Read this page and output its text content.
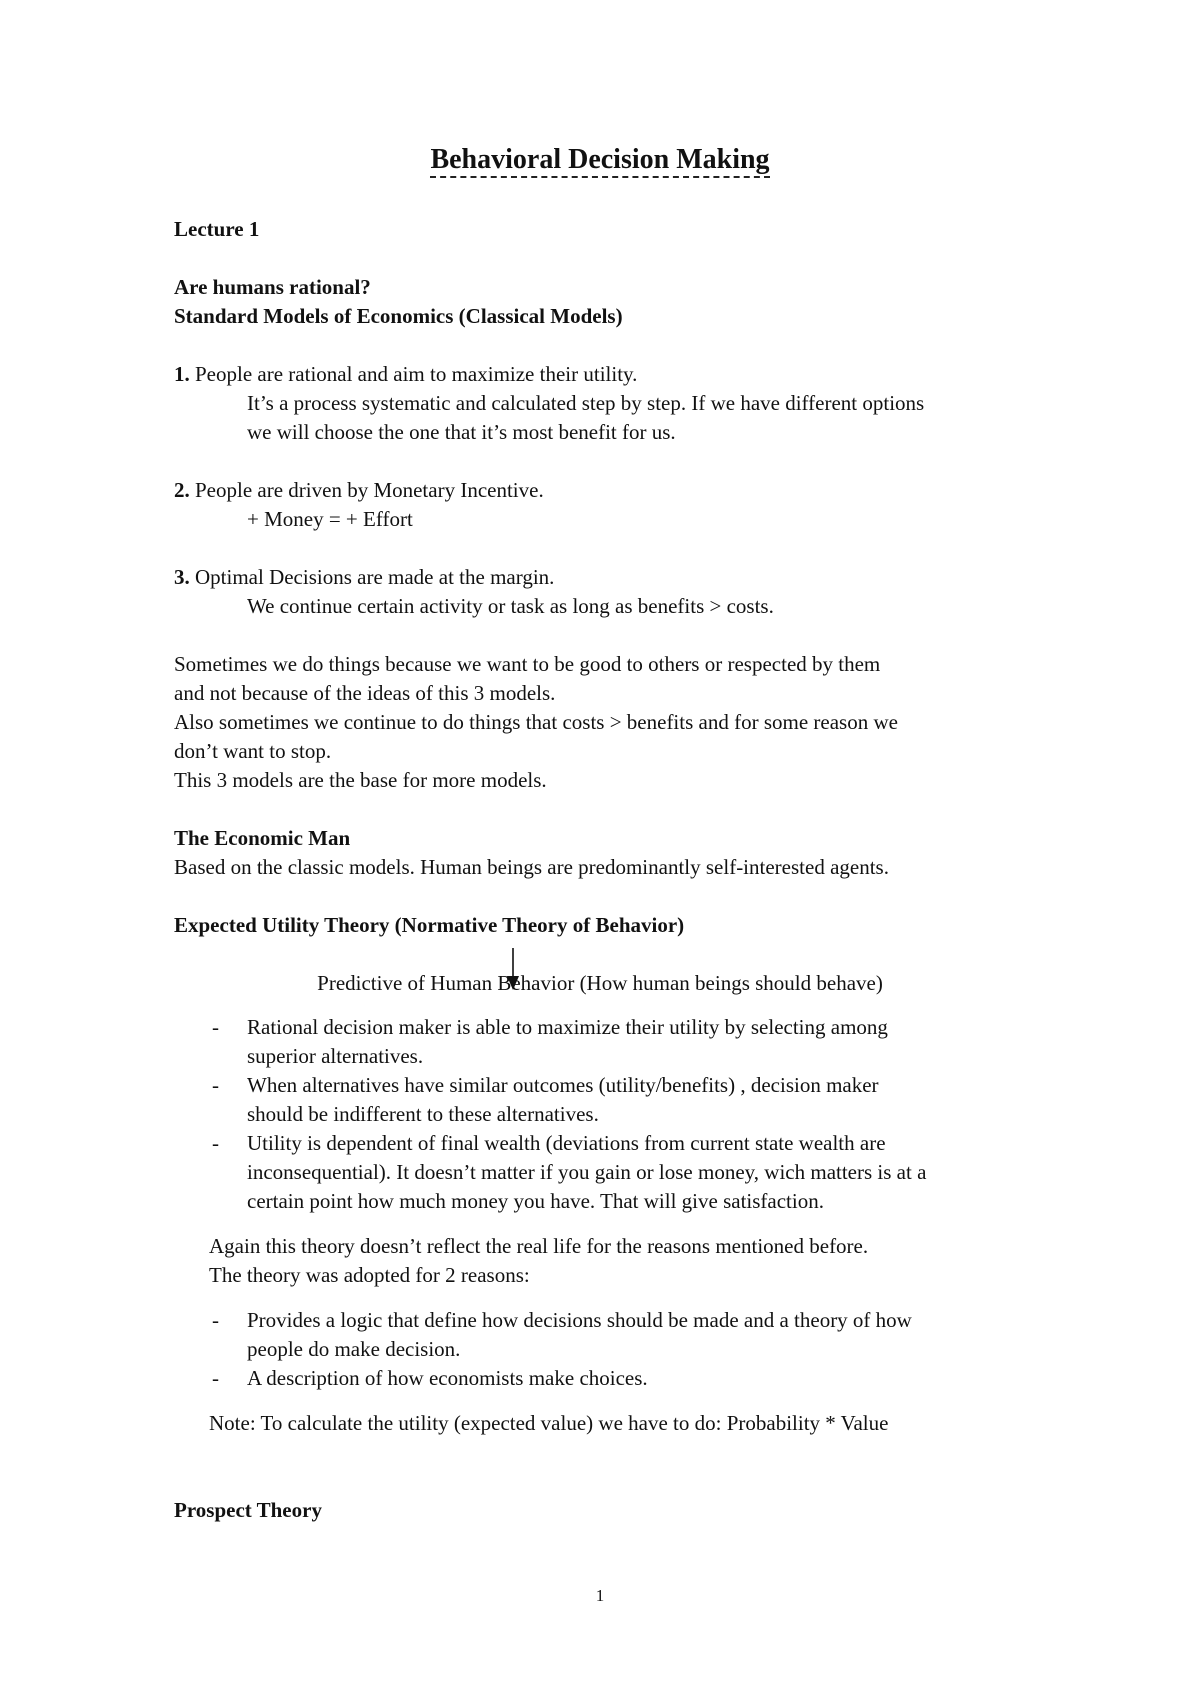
Behavioral Decision Making
Lecture 1
Are humans rational?
Standard Models of Economics (Classical Models)
1. People are rational and aim to maximize their utility.
It’s a process systematic and calculated step by step. If we have different options
we will choose the one that it’s most benefit for us.
2. People are driven by Monetary Incentive.
+ Money = + Effort
3. Optimal Decisions are made at the margin.
We continue certain activity or task as long as benefits > costs.
Sometimes we do things because we want to be good to others or respected by them
and not because of the ideas of this 3 models.
Also sometimes we continue to do things that costs > benefits and for some reason we
don’t want to stop.
This 3 models are the base for more models.
The Economic Man
Based on the classic models. Human beings are predominantly self-interested agents.
Expected Utility Theory (Normative Theory of Behavior)
Predictive of Human Behavior (How human beings should behave)
- Rational decision maker is able to maximize their utility by selecting among
superior alternatives.
- When alternatives have similar outcomes (utility/benefits) , decision maker
should be indifferent to these alternatives.
- Utility is dependent of final wealth (deviations from current state wealth are
inconsequential). It doesn’t matter if you gain or lose money, wich matters is at a
certain point how much money you have. That will give satisfaction.
Again this theory doesn’t reflect the real life for the reasons mentioned before.
The theory was adopted for 2 reasons:
- Provides a logic that define how decisions should be made and a theory of how
people do make decision.
- A description of how economists make choices.
Note: To calculate the utility (expected value) we have to do: Probability * Value
Prospect Theory
1
